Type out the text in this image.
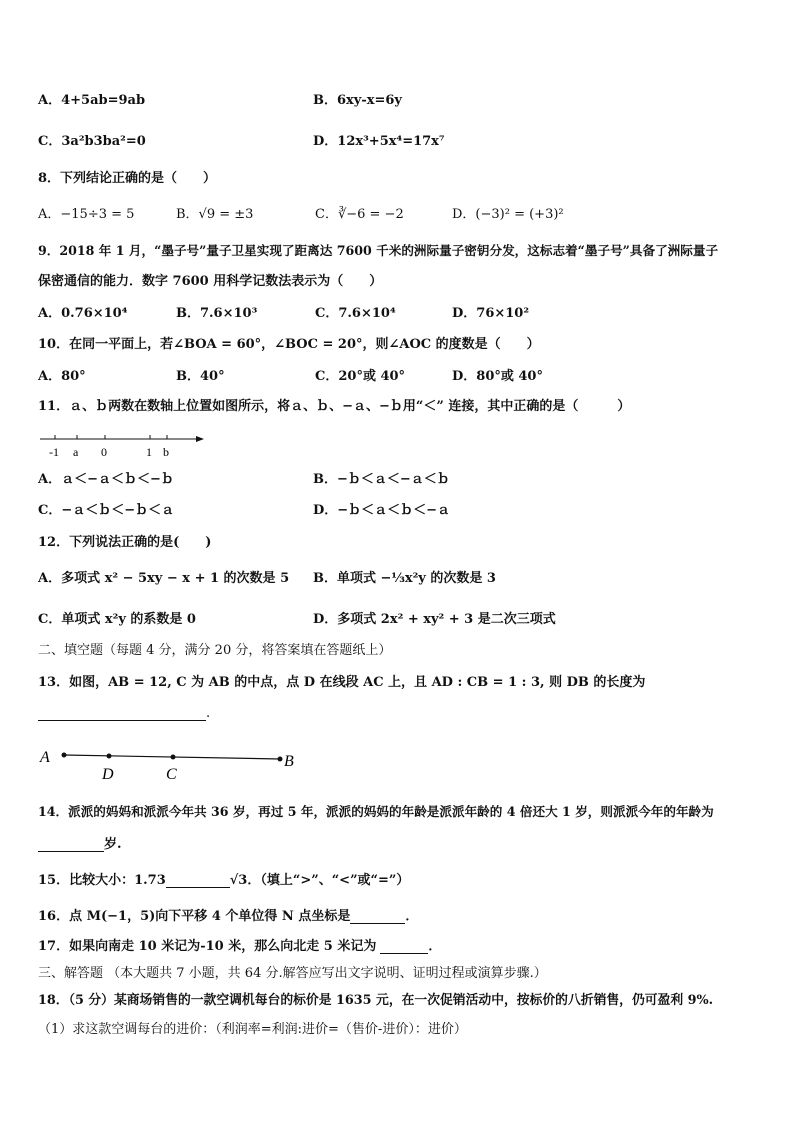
A．4+5ab=9ab	B．6xy-x=6y
C．3a²b3ba²=0	D．12x³+5x⁴=17x⁷
8．下列结论正确的是（　　）
A．−15÷3 = 5	B．√9 = ±3	C．∛−6 = −2	D．(−3)² = (+3)²
9．2018 年 1 月，“墨子号”量子卫星实现了距离达 7600 千米的洲际量子密钥分发，这标志着“墨子号”具备了洲际量子
保密通信的能力．数字 7600 用科学记数法表示为（　　）
A．0.76×10⁴	B．7.6×10³	C．7.6×10⁴	D．76×10²
10．在同一平面上，若∠BOA = 60°，∠BOC = 20°，则∠AOC 的度数是（　　）
A．80°	B．40°	C．20°或 40°	D．80°或 40°
11．ａ、ｂ两数在数轴上位置如图所示，将ａ、ｂ、−ａ、−ｂ用“＜” 连接，其中正确的是（　　　）
-1 a 0	1 b
A．ａ＜−ａ＜ｂ＜−ｂ	B．−ｂ＜ａ＜−ａ＜ｂ
C．−ａ＜ｂ＜−ｂ＜ａ	D．−ｂ＜ａ＜ｂ＜−ａ
12．下列说法正确的是(　　)
A．多项式 x² − 5xy − x + 1 的次数是 5 B．单项式 −⅓x²y 的次数是 3
C．单项式 x²y 的系数是 0	D．多项式 2x² + xy² + 3 是二次三项式
二、填空题（每题 4 分，满分 20 分，将答案填在答题纸上）
13．如图，AB = 12, C 为 AB 的中点，点 D 在线段 AC 上，且 AD : CB = 1 : 3, 则 DB 的长度为
.
A
D	C
B
14．派派的妈妈和派派今年共 36 岁，再过 5 年，派派的妈妈的年龄是派派年龄的 4 倍还大 1 岁，则派派今年的年龄为
岁.
15．比较大小：1.73	√3．（填上“>”、“<”或“=”）
16．点 M(−1，5)向下平移 4 个单位得 N 点坐标是	．
17．如果向南走 10 米记为-10 米，那么向北走 5 米记为	．
三、解答题 （本大题共 7 小题，共 64 分.解答应写出文字说明、证明过程或演算步骤.）
18．（5 分）某商场销售的一款空调机每台的标价是 1635 元，在一次促销活动中，按标价的八折销售，仍可盈利 9%.
（1）求这款空调每台的进价：（利润率=利润:进价=（售价-进价）：进价）
